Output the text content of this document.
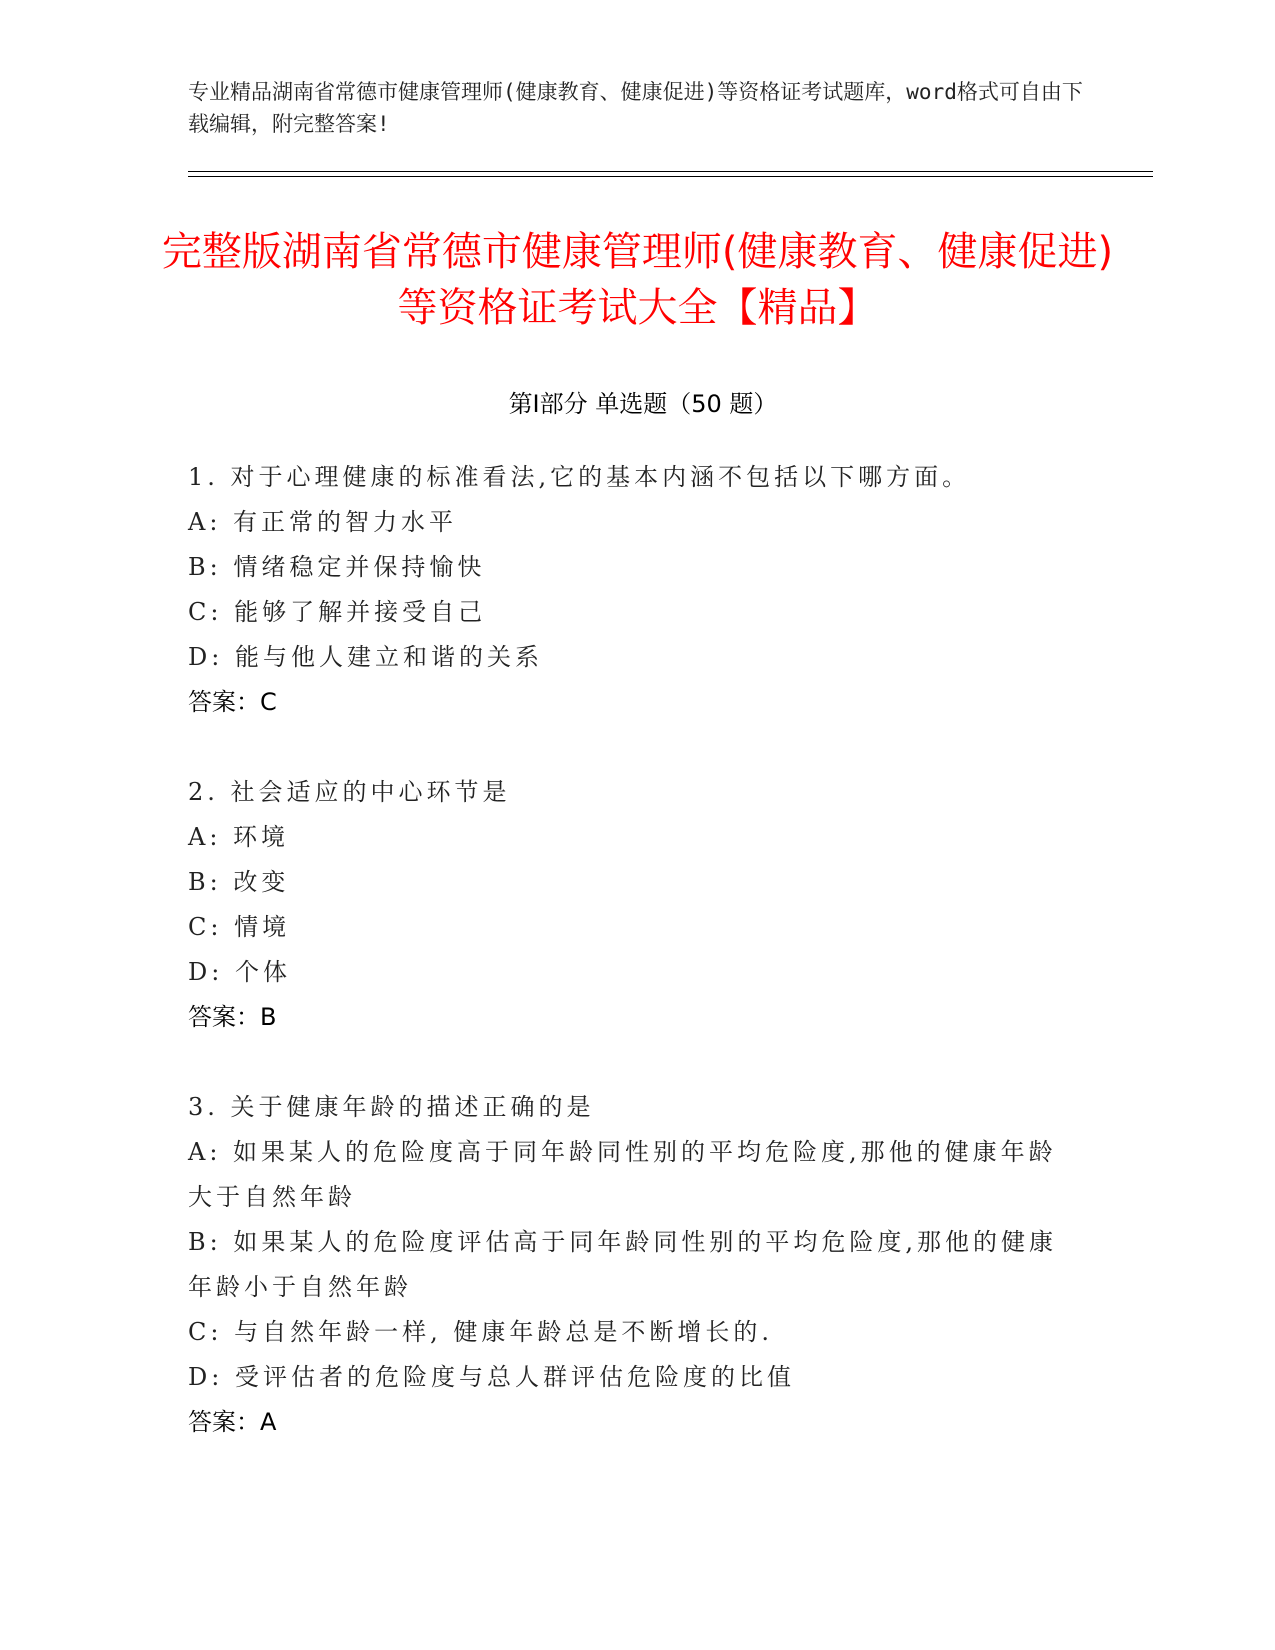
专业精品湖南省常德市健康管理师(健康教育、健康促进)等资格证考试题库，word格式可自由下载编辑，附完整答案!
完整版湖南省常德市健康管理师(健康教育、健康促进)等资格证考试大全【精品】
第Ⅰ部分 单选题（50 题）
1. 对于心理健康的标准看法,它的基本内涵不包括以下哪方面。
A: 有正常的智力水平
B: 情绪稳定并保持愉快
C: 能够了解并接受自己
D: 能与他人建立和谐的关系
答案：C
2. 社会适应的中心环节是
A: 环境
B: 改变
C: 情境
D: 个体
答案：B
3. 关于健康年龄的描述正确的是
A: 如果某人的危险度高于同年龄同性别的平均危险度,那他的健康年龄大于自然年龄
B: 如果某人的危险度评估高于同年龄同性别的平均危险度,那他的健康年龄小于自然年龄
C: 与自然年龄一样, 健康年龄总是不断增长的.
D: 受评估者的危险度与总人群评估危险度的比值
答案：A
